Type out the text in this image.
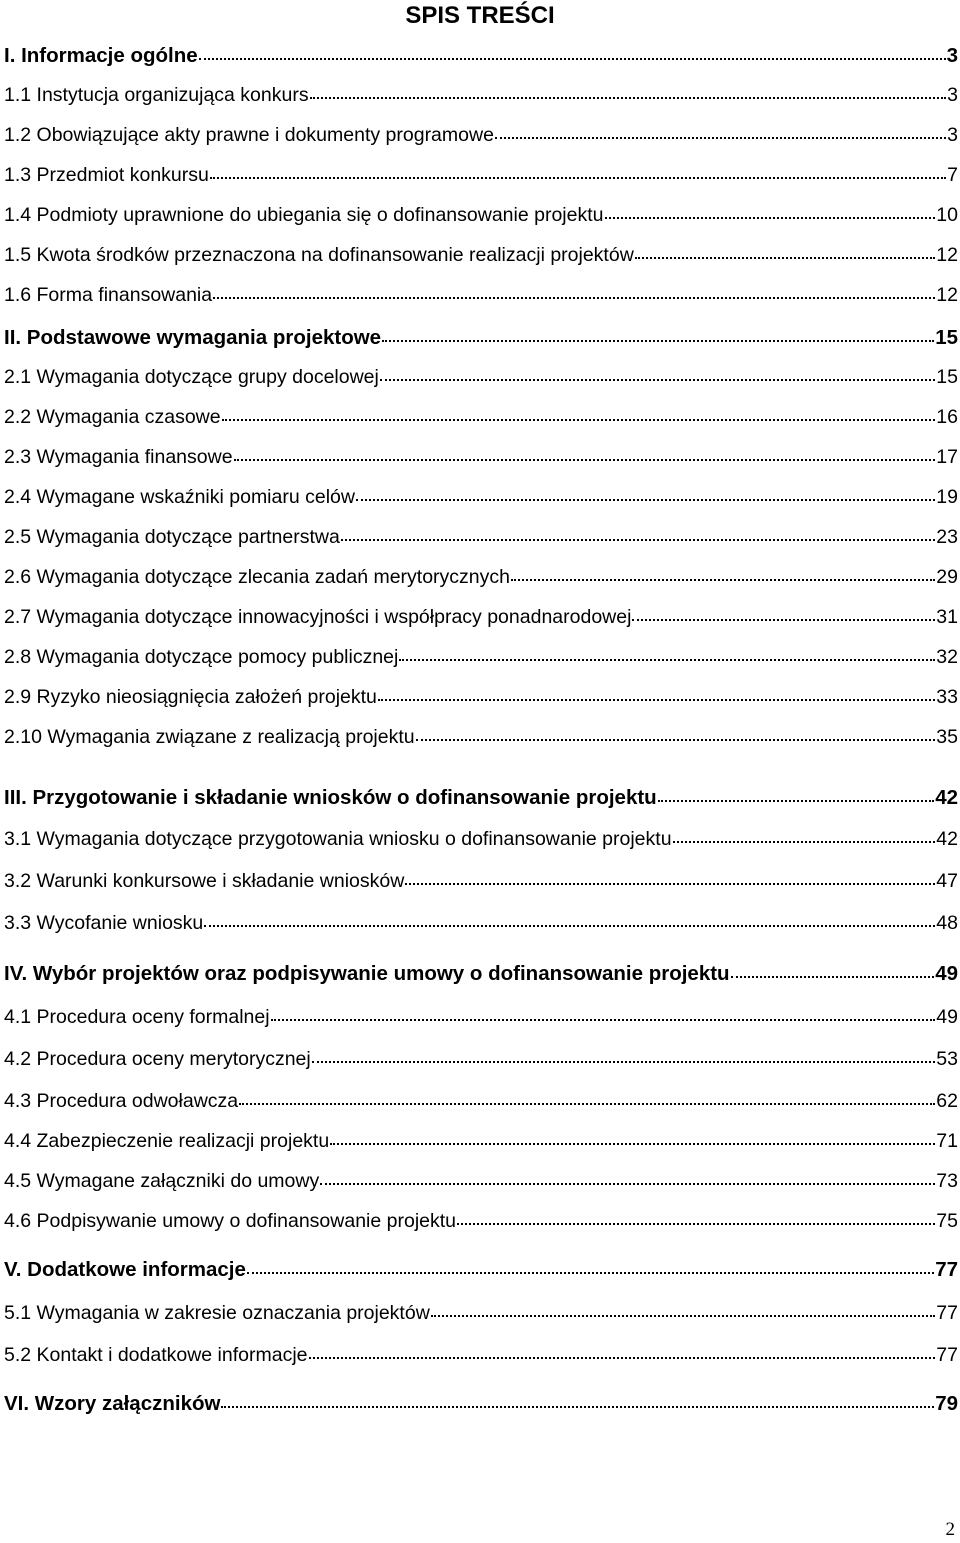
SPIS TREŚCI
I. Informacje ogólne	3
1.1 Instytucja organizująca konkurs	3
1.2 Obowiązujące akty prawne i dokumenty programowe	3
1.3 Przedmiot konkursu	7
1.4 Podmioty uprawnione do ubiegania się o dofinansowanie projektu	10
1.5 Kwota środków przeznaczona na dofinansowanie realizacji projektów	12
1.6 Forma finansowania	12
II. Podstawowe wymagania projektowe	15
2.1 Wymagania dotyczące grupy docelowej	15
2.2 Wymagania czasowe	16
2.3 Wymagania finansowe	17
2.4 Wymagane wskaźniki pomiaru celów	19
2.5 Wymagania dotyczące partnerstwa	23
2.6 Wymagania dotyczące zlecania zadań merytorycznych	29
2.7 Wymagania dotyczące innowacyjności i współpracy ponadnarodowej	31
2.8 Wymagania dotyczące pomocy publicznej	32
2.9 Ryzyko nieosiągnięcia założeń projektu	33
2.10 Wymagania związane z realizacją projektu	35
III. Przygotowanie i składanie wniosków o dofinansowanie projektu	42
3.1 Wymagania dotyczące przygotowania wniosku o dofinansowanie projektu	42
3.2 Warunki konkursowe i składanie wniosków	47
3.3 Wycofanie wniosku	48
IV. Wybór projektów oraz podpisywanie umowy o dofinansowanie projektu	49
4.1 Procedura oceny formalnej	49
4.2 Procedura oceny merytorycznej	53
4.3 Procedura odwoławcza	62
4.4 Zabezpieczenie realizacji projektu	71
4.5 Wymagane załączniki do umowy	73
4.6 Podpisywanie umowy o dofinansowanie projektu	75
V. Dodatkowe informacje	77
5.1 Wymagania w zakresie oznaczania projektów	77
5.2 Kontakt i dodatkowe informacje	77
VI. Wzory załączników	79
2
